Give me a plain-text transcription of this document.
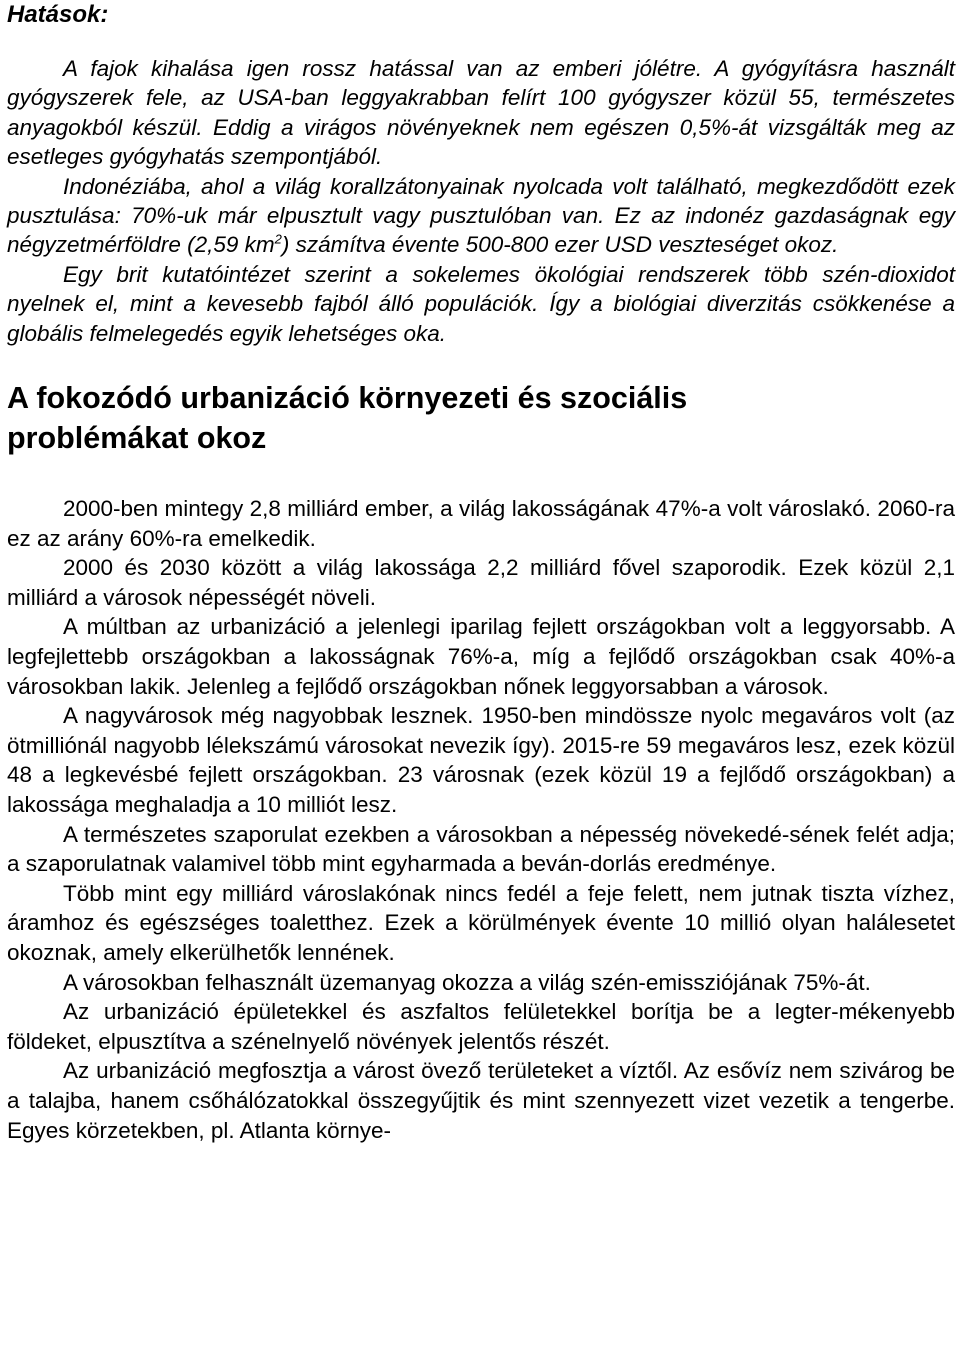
Hatások:

A fajok kihalása igen rossz hatással van az emberi jólétre. A gyógyításra használt gyógyszerek fele, az USA-ban leggyakrabban felírt 100 gyógyszer közül 55, természetes anyagokból készül. Eddig a virágos növényeknek nem egészen 0,5%-át vizsgálták meg az esetleges gyógyhatás szempontjából.

Indonéziába, ahol a világ korallzátonyainak nyolcada volt található, megkezdődött ezek pusztulása: 70%-uk már elpusztult vagy pusztulóban van. Ez az indonéz gazdaságnak egy négyzetmérföldre (2,59 $km^2$) számítva évente 500-800 ezer USD veszteséget okoz.

Egy brit kutatóintézet szerint a sokelemes ökológiai rendszerek több szén-dioxidot nyelnek el, mint a kevesebb fajból álló populációk. Így a biológiai diverzitás csökkenése a globális felmelegedés egyik lehetséges oka.

A fokozódó urbanizáció környezeti és szociális
problémákat okoz

2000-ben mintegy 2,8 milliárd ember, a világ lakosságának 47%-a volt városlakó. 2060-ra ez az arány 60%-ra emelkedik.

2000 és 2030 között a világ lakossága 2,2 milliárd fővel szaporodik. Ezek közül 2,1 milliárd a városok népességét növeli.

A múltban az urbanizáció a jelenlegi iparilag fejlett országokban volt a leggyorsabb. A legfejlettebb országokban a lakosságnak 76%-a, míg a fejlődő országokban csak 40%-a városokban lakik. Jelenleg a fejlődő országokban nőnek leggyorsabban a városok.

A nagyvárosok még nagyobbak lesznek. 1950-ben mindössze nyolc megaváros volt (az ötmilliónál nagyobb lélekszámú városokat nevezik így). 2015-re 59 megaváros lesz, ezek közül 48 a legkevésbé fejlett országokban. 23 városnak (ezek közül 19 a fejlődő országokban) a lakossága meghaladja a 10 milliót lesz.

A természetes szaporulat ezekben a városokban a népesség növekedé-sének felét adja; a szaporulatnak valamivel több mint egyharmada a beván-dorlás eredménye.

Több mint egy milliárd városlakónak nincs fedél a feje felett, nem jutnak tiszta vízhez, áramhoz és egészséges toaletthez. Ezek a körülmények évente 10 millió olyan halálesetet okoznak, amely elkerülhetők lennének.

A városokban felhasznált üzemanyag okozza a világ szén-emissziójának 75%-át.

Az urbanizáció épületekkel és aszfaltos felületekkel borítja be a legter-mékenyebb földeket, elpusztítva a szénelnyelő növények jelentős részét.

Az urbanizáció megfosztja a várost övező területeket a víztől. Az esővíz nem szivárog be a talajba, hanem csőhálózatokkal összegyűjtik és mint szennyezett vizet vezetik a tengerbe. Egyes körzetekben, pl. Atlanta környe-
